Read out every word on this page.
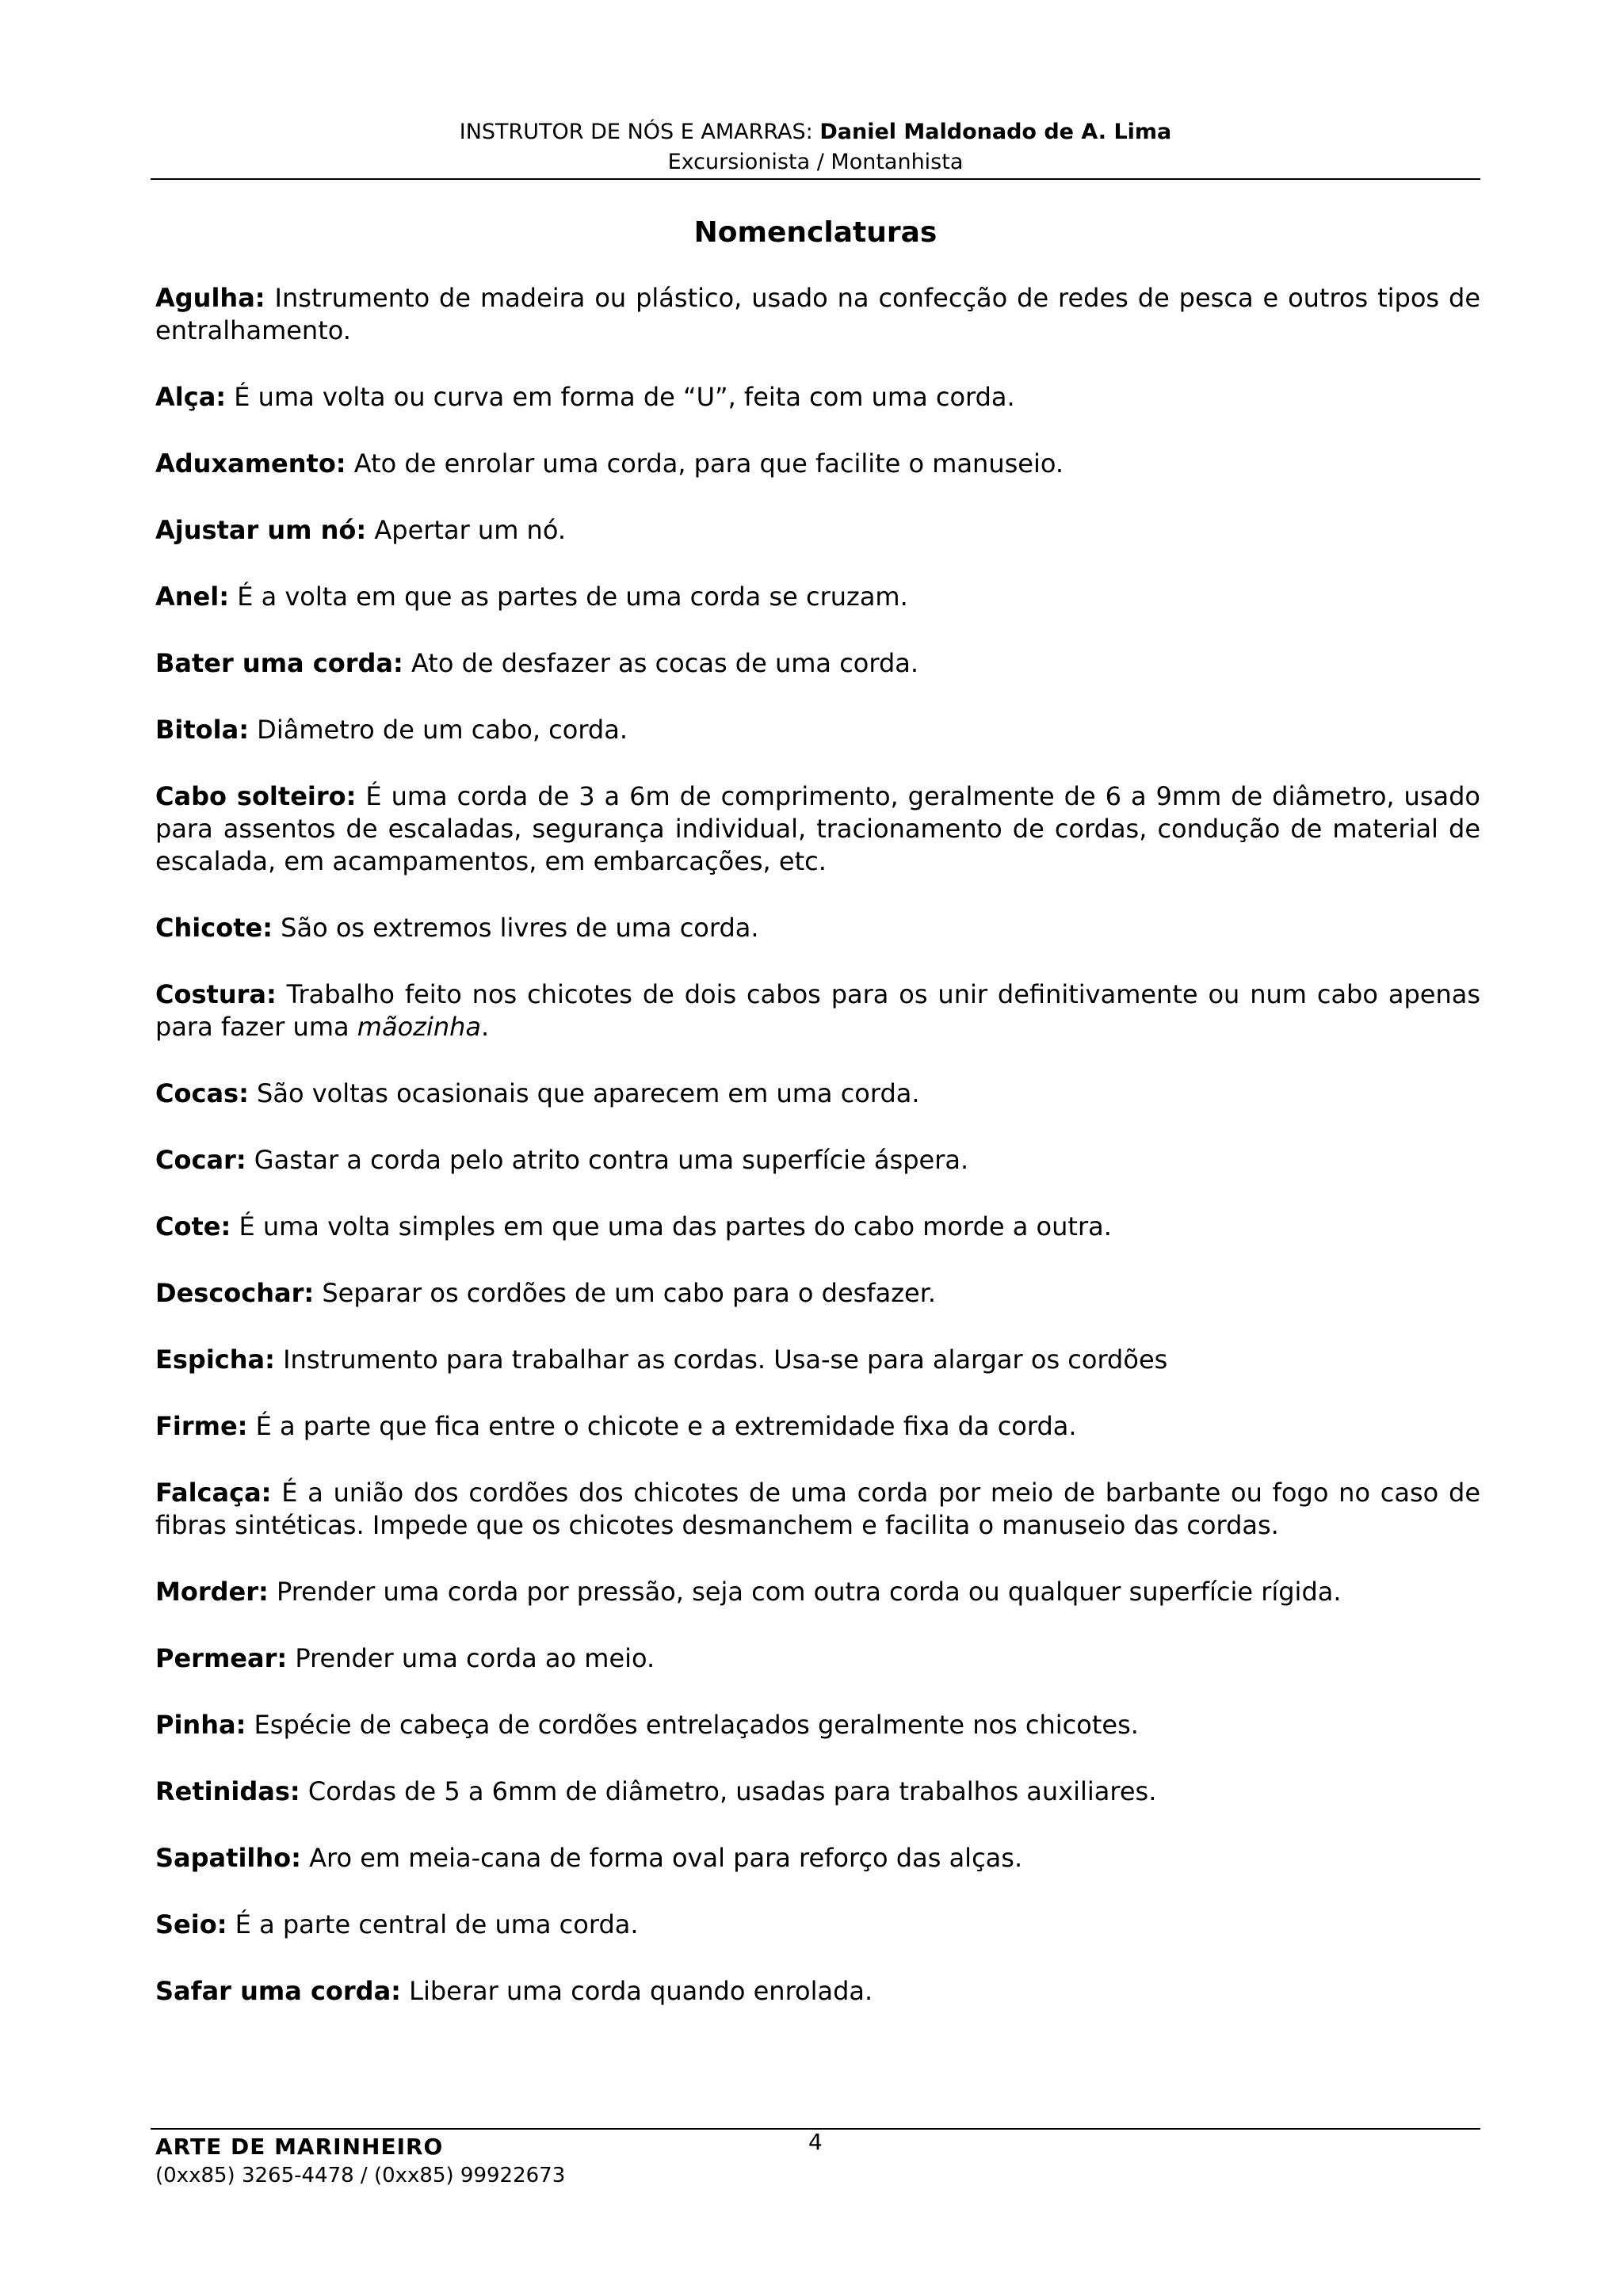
INSTRUTOR DE NÓS E AMARRAS: Daniel Maldonado de A. Lima
Excursionista / Montanhista
Nomenclaturas

Agulha: Instrumento de madeira ou plástico, usado na confecção de redes de pesca e outros tipos de entralhamento.

Alça: É uma volta ou curva em forma de “U”, feita com uma corda.

Aduxamento: Ato de enrolar uma corda, para que facilite o manuseio.

Ajustar um nó: Apertar um nó.

Anel: É a volta em que as partes de uma corda se cruzam.

Bater uma corda: Ato de desfazer as cocas de uma corda.

Bitola: Diâmetro de um cabo, corda.

Cabo solteiro: É uma corda de 3 a 6m de comprimento, geralmente de 6 a 9mm de diâmetro, usado para assentos de escaladas, segurança individual, tracionamento de cordas, condução de material de escalada, em acampamentos, em embarcações, etc.

Chicote: São os extremos livres de uma corda.

Costura: Trabalho feito nos chicotes de dois cabos para os unir definitivamente ou num cabo apenas para fazer uma mãozinha.

Cocas: São voltas ocasionais que aparecem em uma corda.

Cocar: Gastar a corda pelo atrito contra uma superfície áspera.

Cote: É uma volta simples em que uma das partes do cabo morde a outra.

Descochar: Separar os cordões de um cabo para o desfazer.

Espicha: Instrumento para trabalhar as cordas. Usa-se para alargar os cordões

Firme: É a parte que fica entre o chicote e a extremidade fixa da corda.

Falcaça: É a união dos cordões dos chicotes de uma corda por meio de barbante ou fogo no caso de fibras sintéticas. Impede que os chicotes desmanchem e facilita o manuseio das cordas.

Morder: Prender uma corda por pressão, seja com outra corda ou qualquer superfície rígida.

Permear: Prender uma corda ao meio.

Pinha: Espécie de cabeça de cordões entrelaçados geralmente nos chicotes.

Retinidas: Cordas de 5 a 6mm de diâmetro, usadas para trabalhos auxiliares.

Sapatilho: Aro em meia-cana de forma oval para reforço das alças.

Seio: É a parte central de uma corda.

Safar uma corda: Liberar uma corda quando enrolada.

ARTE DE MARINHEIRO
(0xx85) 3265-4478 / (0xx85) 99922673
4
